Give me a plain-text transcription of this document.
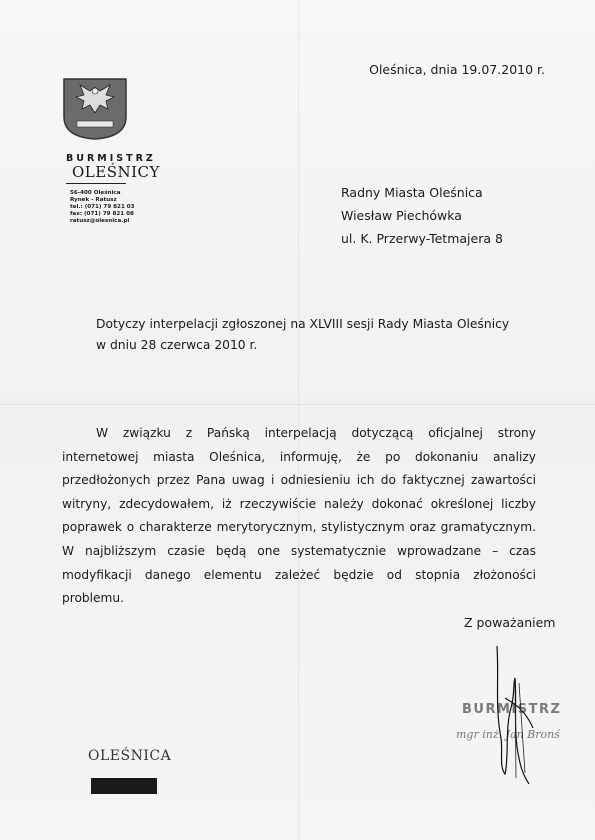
Oleśnica, dnia 19.07.2010 r.
BURMISTRZ
OLEŚNICY
56-400 Oleśnica
Rynek - Ratusz
tel.: (071) 79 821 03
fax: (071) 79 821 08
ratusz@olesnica.pl
Radny Miasta Oleśnica
Wiesław Piechówka
ul. K. Przerwy-Tetmajera 8
Dotyczy interpelacji zgłoszonej na XLVIII sesji Rady Miasta Oleśnicy
w dniu 28 czerwca 2010 r.

W związku z Pańską interpelacją dotyczącą oficjalnej strony internetowej miasta Oleśnica, informuję, że po dokonaniu analizy przedłożonych przez Pana uwag i odniesieniu ich do faktycznej zawartości witryny, zdecydowałem, iż rzeczywiście należy dokonać określonej liczby poprawek o charakterze merytorycznym, stylistycznym oraz gramatycznym. W najbliższym czasie będą one systematycznie wprowadzane – czas modyfikacji danego elementu zależeć będzie od stopnia złożoności problemu.

Z poważaniem
BURMISTRZ
mgr inż. Jan Bronś
OLEŚNICA
